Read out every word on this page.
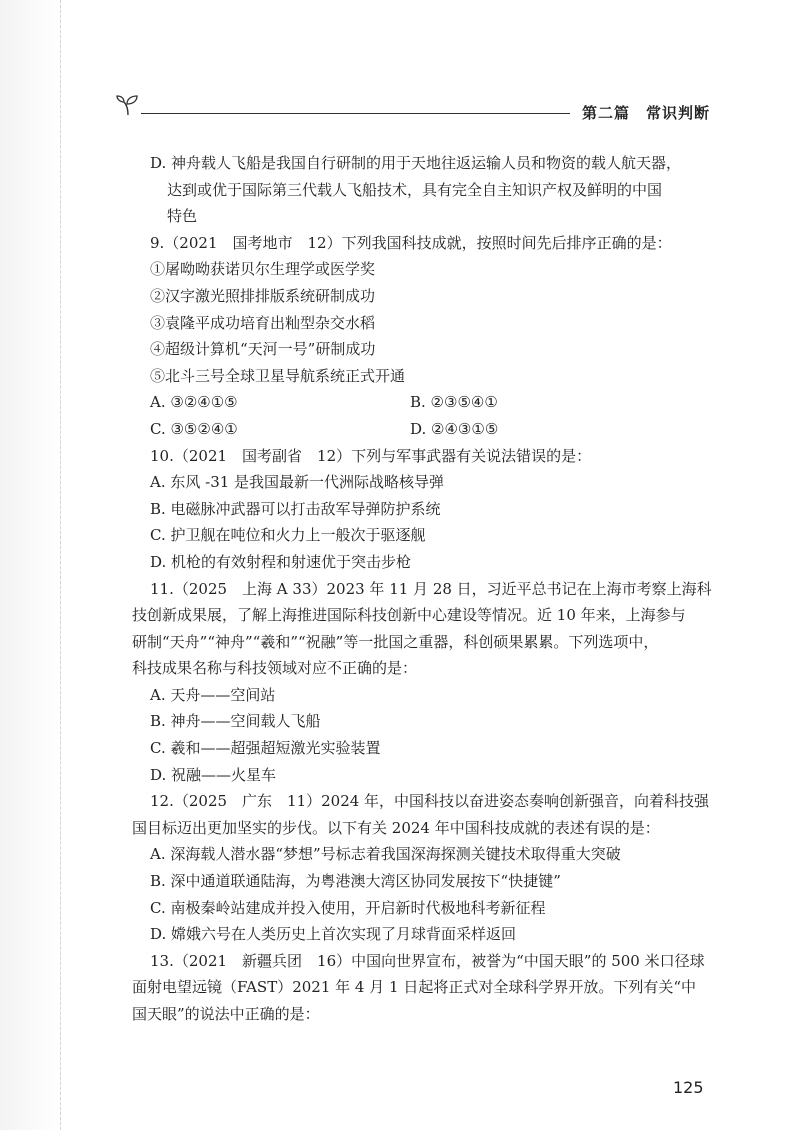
第二篇　常识判断
D. 神舟载人飞船是我国自行研制的用于天地往返运输人员和物资的载人航天器，
达到或优于国际第三代载人飞船技术，具有完全自主知识产权及鲜明的中国
特色
9.（2021　国考地市　12）下列我国科技成就，按照时间先后排序正确的是：
①屠呦呦获诺贝尔生理学或医学奖
②汉字激光照排排版系统研制成功
③袁隆平成功培育出籼型杂交水稻
④超级计算机“天河一号”研制成功
⑤北斗三号全球卫星导航系统正式开通
A. ③②④①⑤	B. ②③⑤④①
C. ③⑤②④①	D. ②④③①⑤
10.（2021　国考副省　12）下列与军事武器有关说法错误的是：
A. 东风 -31 是我国最新一代洲际战略核导弹
B. 电磁脉冲武器可以打击敌军导弹防护系统
C. 护卫舰在吨位和火力上一般次于驱逐舰
D. 机枪的有效射程和射速优于突击步枪
11.（2025　上海 A 33）2023 年 11 月 28 日，习近平总书记在上海市考察上海科
技创新成果展，了解上海推进国际科技创新中心建设等情况。近 10 年来，上海参与
研制“天舟”“神舟”“羲和”“祝融”等一批国之重器，科创硕果累累。下列选项中，
科技成果名称与科技领域对应不正确的是：
A. 天舟——空间站
B. 神舟——空间载人飞船
C. 羲和——超强超短激光实验装置
D. 祝融——火星车
12.（2025　广东　11）2024 年，中国科技以奋进姿态奏响创新强音，向着科技强
国目标迈出更加坚实的步伐。以下有关 2024 年中国科技成就的表述有误的是：
A. 深海载人潜水器“梦想”号标志着我国深海探测关键技术取得重大突破
B. 深中通道联通陆海，为粤港澳大湾区协同发展按下“快捷键”
C. 南极秦岭站建成并投入使用，开启新时代极地科考新征程
D. 嫦娥六号在人类历史上首次实现了月球背面采样返回
13.（2021　新疆兵团　16）中国向世界宣布，被誉为“中国天眼”的 500 米口径球
面射电望远镜（FAST）2021 年 4 月 1 日起将正式对全球科学界开放。下列有关“中
国天眼”的说法中正确的是：
125
